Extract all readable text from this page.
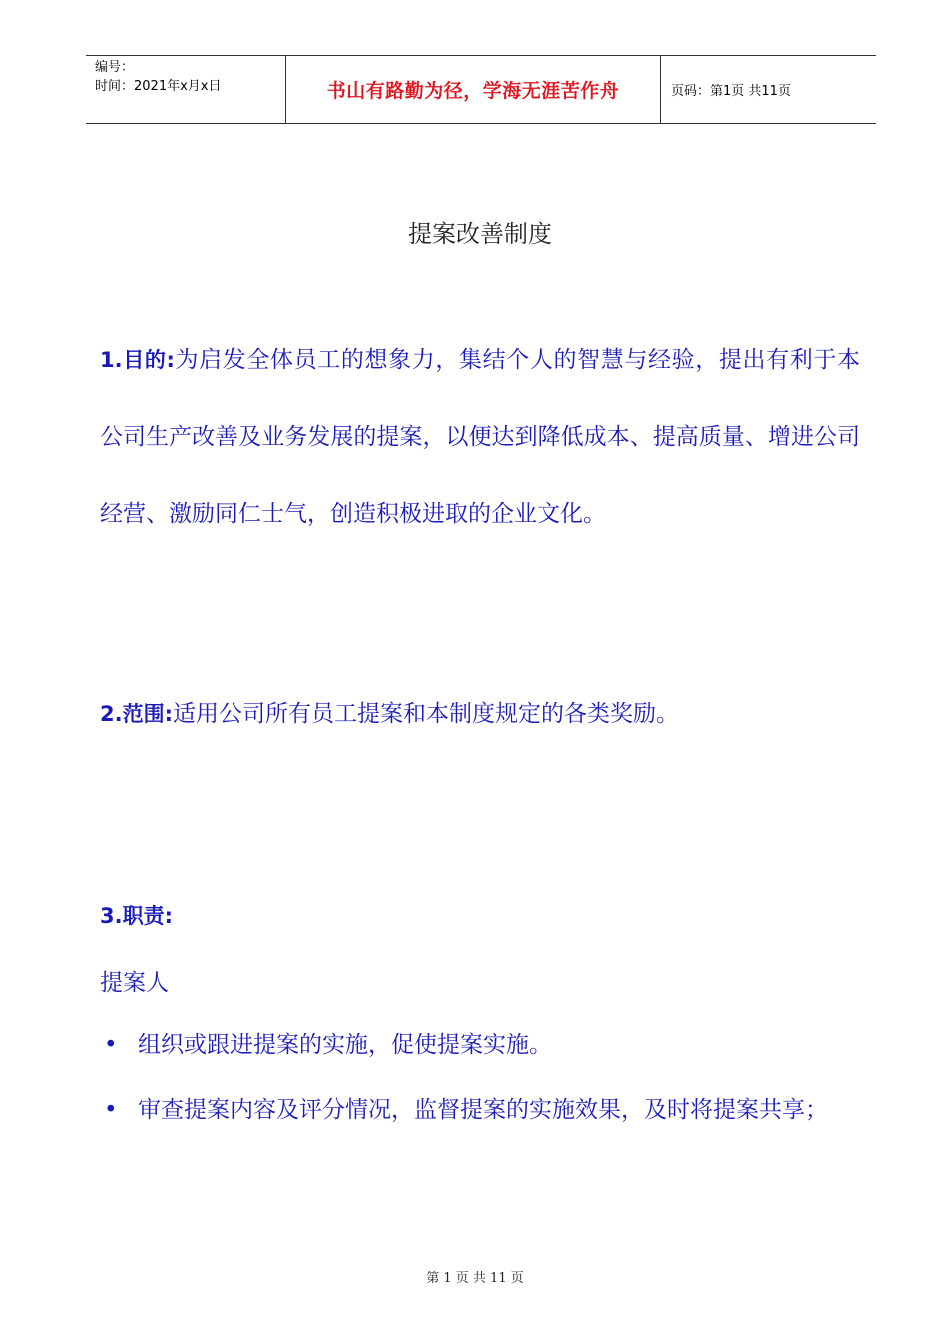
编号：
时间：2021年x月x日	书山有路勤为径，学海无涯苦作舟	页码：第1页 共11页
提案改善制度

1.目的:为启发全体员工的想象力，集结个人的智慧与经验，提出有利于本公司生产改善及业务发展的提案，以便达到降低成本、提高质量、增进公司经营、激励同仁士气，创造积极进取的企业文化。

2.范围:适用公司所有员工提案和本制度规定的各类奖励。

3.职责:

提案人

• 组织或跟进提案的实施，促使提案实施。

• 审查提案内容及评分情况，监督提案的实施效果，及时将提案共享；

第 1 页 共 11 页
